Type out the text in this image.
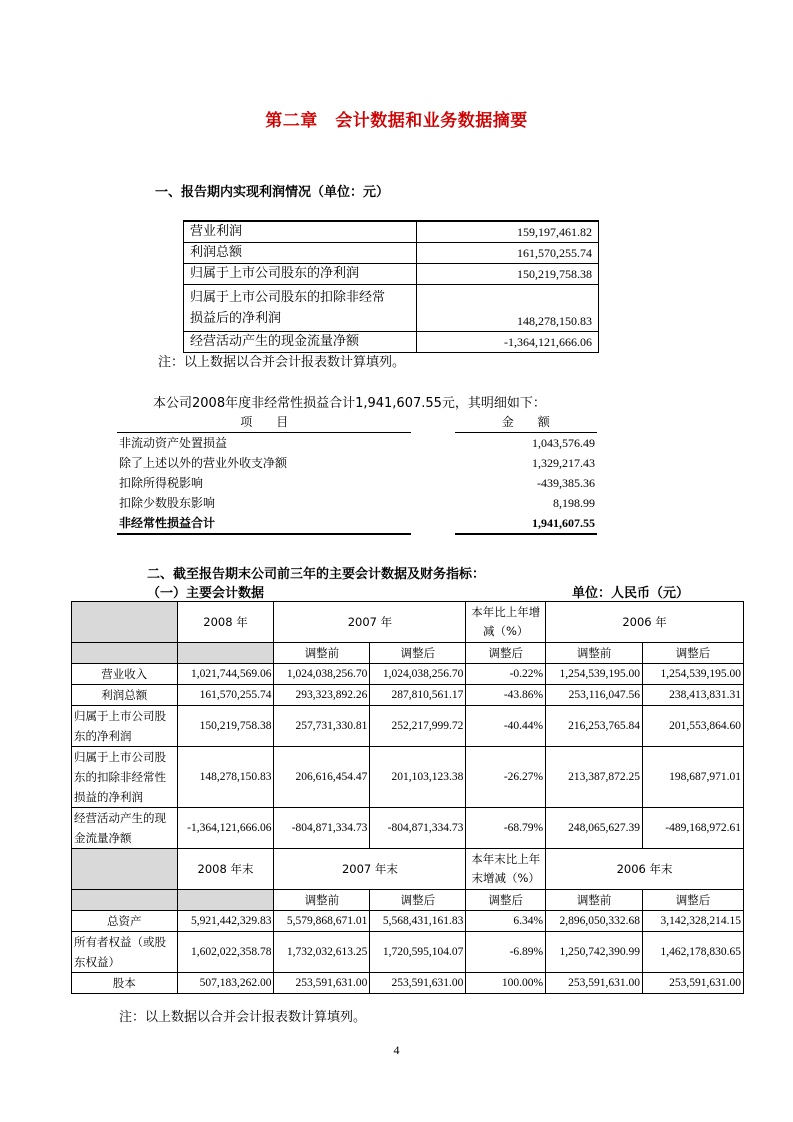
第二章　会计数据和业务数据摘要
一、报告期内实现利润情况（单位：元）
营业利润	159,197,461.82
利润总额	161,570,255.74
归属于上市公司股东的净利润	150,219,758.38

归属于上市公司股东的扣除非经常
损益后的净利润	148,278,150.83
经营活动产生的现金流量净额	-1,364,121,666.06
注：以上数据以合并会计报表数计算填列。
本公司2008年度非经常性损益合计1,941,607.55元，其明细如下：
项　　目		金　　额
非流动资产处置损益		1,043,576.49
除了上述以外的营业外收支净额		1,329,217.43
扣除所得税影响		-439,385.36
扣除少数股东影响		8,198.99
非经常性损益合计		1,941,607.55
二、截至报告期末公司前三年的主要会计数据及财务指标：
（一）主要会计数据	单位：人民币（元）
	2008 年	2007 年		本年比上年增
减（%）	2006 年	

		调整前	调整后	调整后	调整前	调整后
营业收入	1,021,744,569.06	1,024,038,256.70	1,024,038,256.70	-0.22%	1,254,539,195.00	1,254,539,195.00
利润总额	161,570,255.74	293,323,892.26	287,810,561.17	-43.86%	253,116,047.56	238,413,831.31

归属于上市公司股
东的净利润	150,219,758.38	257,731,330.81	252,217,999.72	-40.44%	216,253,765.84	201,553,864.60

归属于上市公司股
东的扣除非经常性
损益的净利润	148,278,150.83	206,616,454.47	201,103,123.38	-26.27%	213,387,872.25	198,687,971.01

经营活动产生的现
金流量净额	-1,364,121,666.06	-804,871,334.73	-804,871,334.73	-68.79%	248,065,627.39	-489,168,972.61
	2008 年末	2007 年末		本年末比上年
末增减（%）	2006 年末	
		调整前	调整后	调整后	调整前	调整后
总资产	5,921,442,329.83	5,579,868,671.01	5,568,431,161.83	6.34%	2,896,050,332.68	3,142,328,214.15

所有者权益（或股
东权益）	1,602,022,358.78	1,732,032,613.25	1,720,595,104.07	-6.89%	1,250,742,390.99	1,462,178,830.65
股本	507,183,262.00	253,591,631.00	253,591,631.00	100.00%	253,591,631.00	253,591,631.00
注：以上数据以合并会计报表数计算填列。
4
